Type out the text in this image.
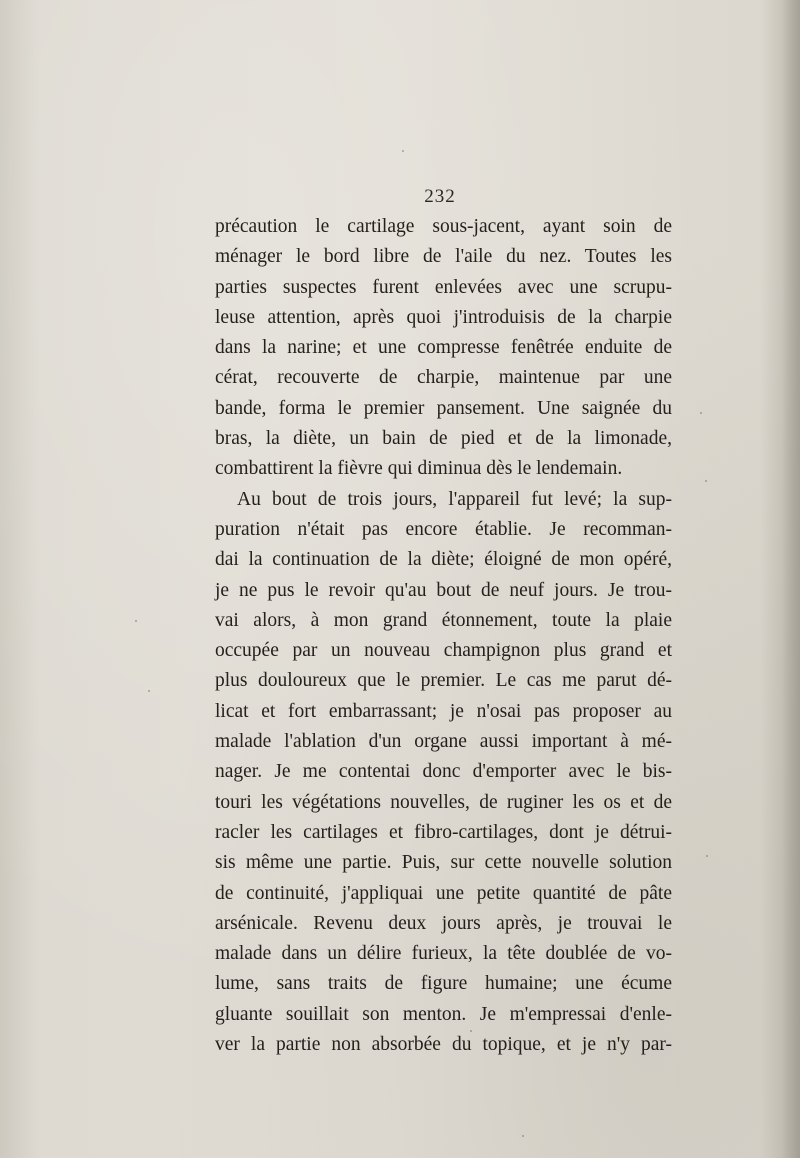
232
précaution le cartilage sous-jacent, ayant soin de
ménager le bord libre de l'aile du nez. Toutes les
parties suspectes furent enlevées avec une scrupu-
leuse attention, après quoi j'introduisis de la charpie
dans la narine; et une compresse fenêtrée enduite de
cérat, recouverte de charpie, maintenue par une
bande, forma le premier pansement. Une saignée du
bras, la diète, un bain de pied et de la limonade,
combattirent la fièvre qui diminua dès le lendemain.
Au bout de trois jours, l'appareil fut levé; la sup-
puration n'était pas encore établie. Je recomman-
dai la continuation de la diète; éloigné de mon opéré,
je ne pus le revoir qu'au bout de neuf jours. Je trou-
vai alors, à mon grand étonnement, toute la plaie
occupée par un nouveau champignon plus grand et
plus douloureux que le premier. Le cas me parut dé-
licat et fort embarrassant; je n'osai pas proposer au
malade l'ablation d'un organe aussi important à mé-
nager. Je me contentai donc d'emporter avec le bis-
touri les végétations nouvelles, de ruginer les os et de
racler les cartilages et fibro-cartilages, dont je détrui-
sis même une partie. Puis, sur cette nouvelle solution
de continuité, j'appliquai une petite quantité de pâte
arsénicale. Revenu deux jours après, je trouvai le
malade dans un délire furieux, la tête doublée de vo-
lume, sans traits de figure humaine; une écume
gluante souillait son menton. Je m'empressai d'enle-
ver la partie non absorbée du topique, et je n'y par-
